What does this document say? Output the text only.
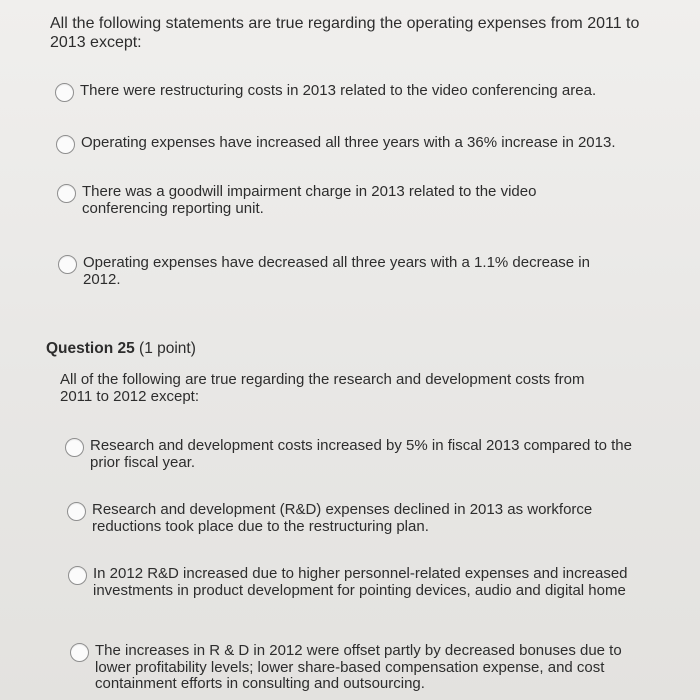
All the following statements are true regarding the operating expenses from 2011 to 2013 except:
There were restructuring costs in 2013 related to the video conferencing area.
Operating expenses have increased all three years with a 36% increase in 2013.
There was a goodwill impairment charge in 2013 related to the video conferencing reporting unit.
Operating expenses have decreased all three years with a 1.1% decrease in 2012.
Question 25 (1 point)
All of the following are true regarding the research and development costs from 2011 to 2012 except:
Research and development costs increased by 5% in fiscal 2013 compared to the prior fiscal year.
Research and development (R&D) expenses declined in 2013 as workforce reductions took place due to the restructuring plan.
In 2012 R&D increased due to higher personnel-related expenses and increased investments in product development for pointing devices, audio and digital home
The increases in R & D in 2012 were offset partly by decreased bonuses due to lower profitability levels; lower share-based compensation expense, and cost containment efforts in consulting and outsourcing.
